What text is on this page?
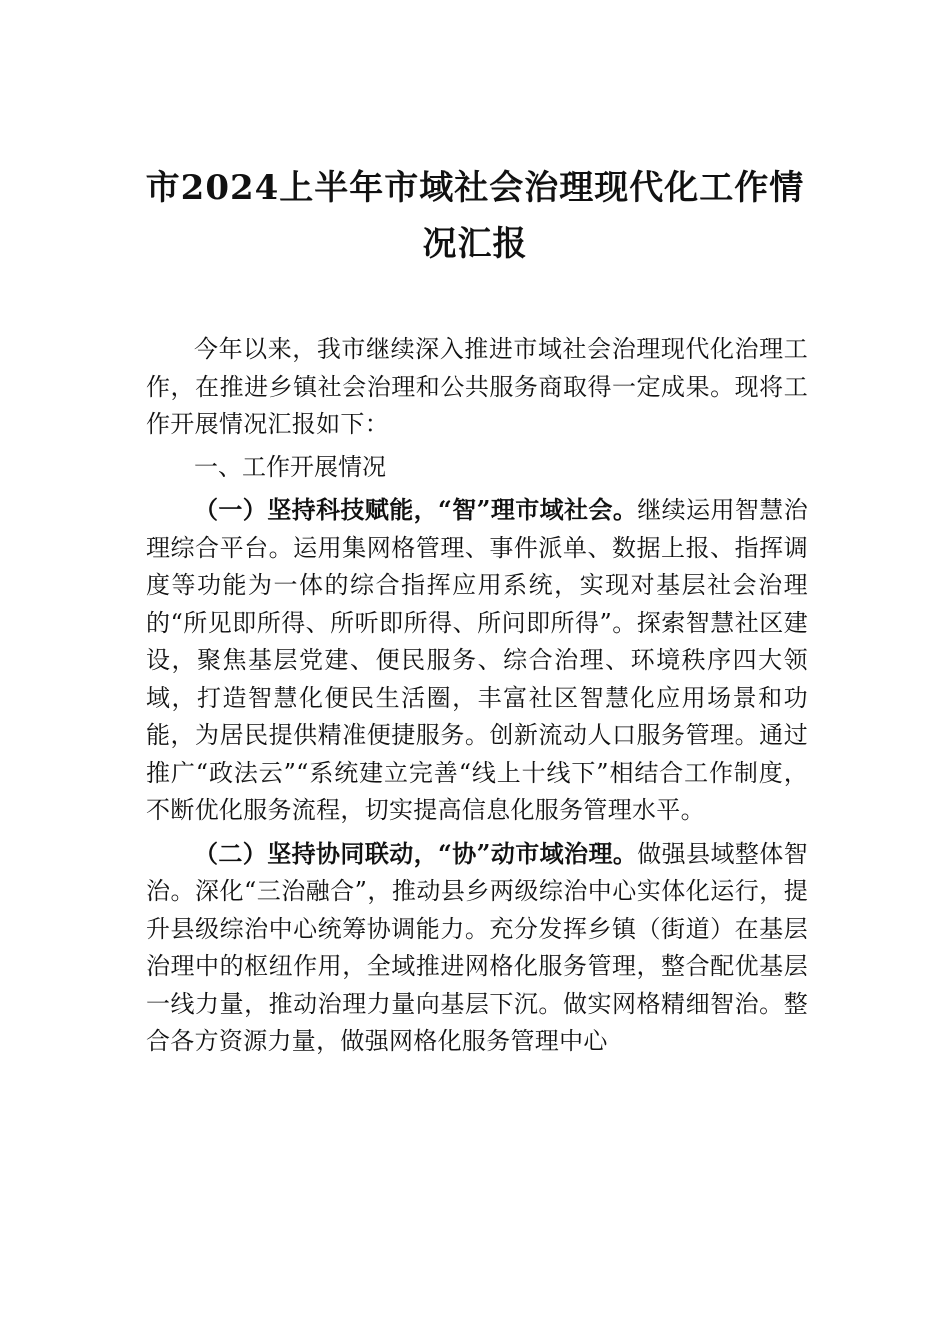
市2024上半年市域社会治理现代化工作情
况汇报

今年以来，我市继续深入推进市域社会治理现代化治理工作，在推进乡镇社会治理和公共服务商取得一定成果。现将工作开展情况汇报如下：

一、工作开展情况

（一）坚持科技赋能，“智”理市域社会。继续运用智慧治理综合平台。运用集网格管理、事件派单、数据上报、指挥调度等功能为一体的综合指挥应用系统，实现对基层社会治理的“所见即所得、所听即所得、所问即所得”。探索智慧社区建设，聚焦基层党建、便民服务、综合治理、环境秩序四大领域，打造智慧化便民生活圈，丰富社区智慧化应用场景和功能，为居民提供精准便捷服务。创新流动人口服务管理。通过推广“政法云”“系统建立完善“线上十线下”相结合工作制度，不断优化服务流程，切实提高信息化服务管理水平。

（二）坚持协同联动，“协”动市域治理。做强县域整体智治。深化“三治融合”，推动县乡两级综治中心实体化运行，提升县级综治中心统筹协调能力。充分发挥乡镇（街道）在基层治理中的枢纽作用，全域推进网格化服务管理，整合配优基层一线力量，推动治理力量向基层下沉。做实网格精细智治。整合各方资源力量，做强网格化服务管理中心
